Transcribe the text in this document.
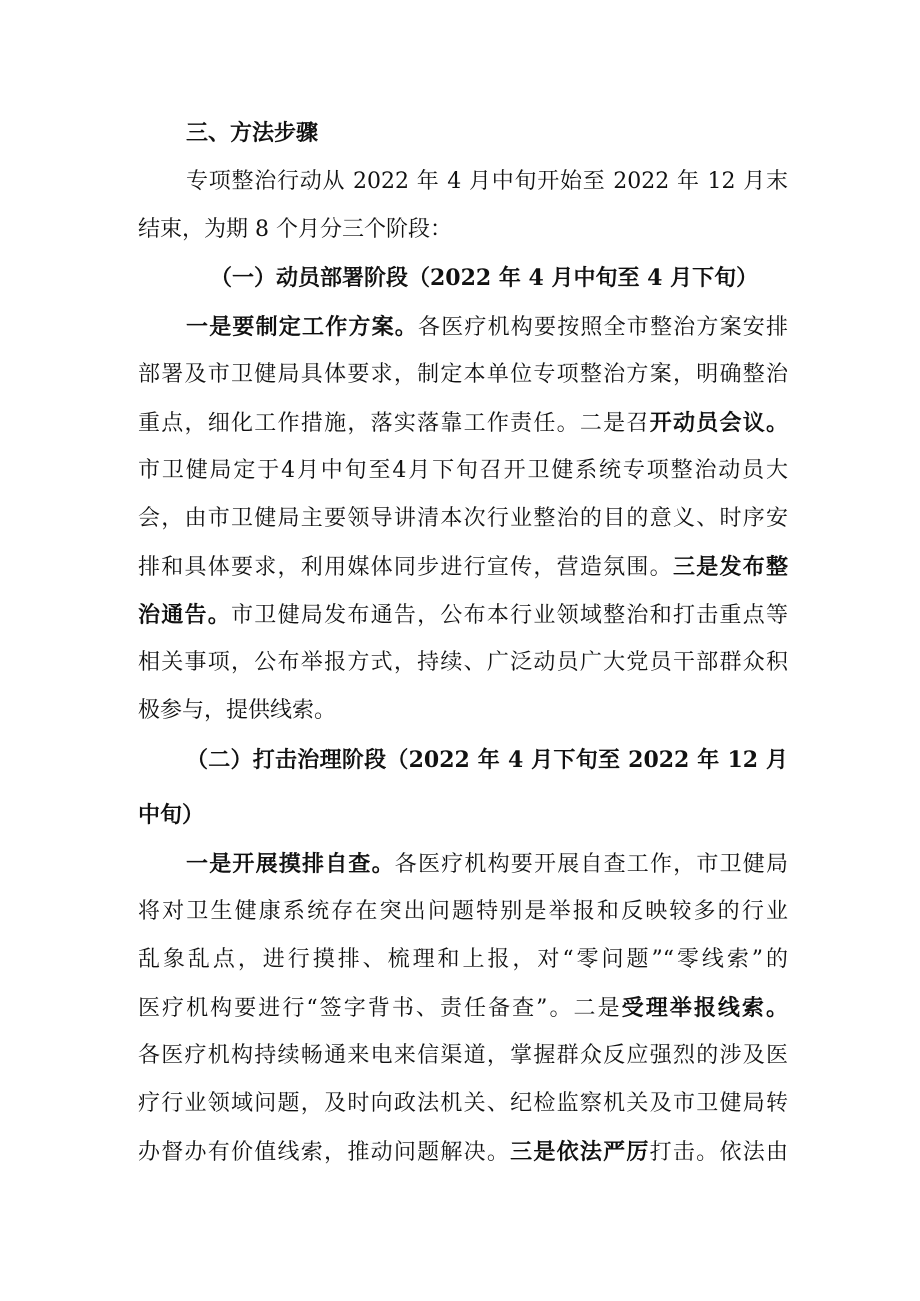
三、方法步骤
专项整治行动从 2022 年 4 月中旬开始至 2022 年 12 月末
结束，为期 8 个月分三个阶段：
（一）动员部署阶段（2022 年 4 月中旬至 4 月下旬）
一是要制定工作方案。各医疗机构要按照全市整治方案安排
部署及市卫健局具体要求，制定本单位专项整治方案，明确整治
重点，细化工作措施，落实落靠工作责任。二是召开动员会议。
市卫健局定于4月中旬至4月下旬召开卫健系统专项整治动员大
会，由市卫健局主要领导讲清本次行业整治的目的意义、时序安
排和具体要求，利用媒体同步进行宣传，营造氛围。三是发布整
治通告。市卫健局发布通告，公布本行业领域整治和打击重点等
相关事项，公布举报方式，持续、广泛动员广大党员干部群众积
极参与，提供线索。
（二）打击治理阶段（2022 年 4 月下旬至 2022 年 12 月
中旬）
一是开展摸排自查。各医疗机构要开展自查工作，市卫健局
将对卫生健康系统存在突出问题特别是举报和反映较多的行业
乱象乱点，进行摸排、梳理和上报，对“零问题”“零线索”的
医疗机构要进行“签字背书、责任备查”。二是受理举报线索。
各医疗机构持续畅通来电来信渠道，掌握群众反应强烈的涉及医
疗行业领域问题，及时向政法机关、纪检监察机关及市卫健局转
办督办有价值线索，推动问题解决。三是依法严厉打击。依法由
